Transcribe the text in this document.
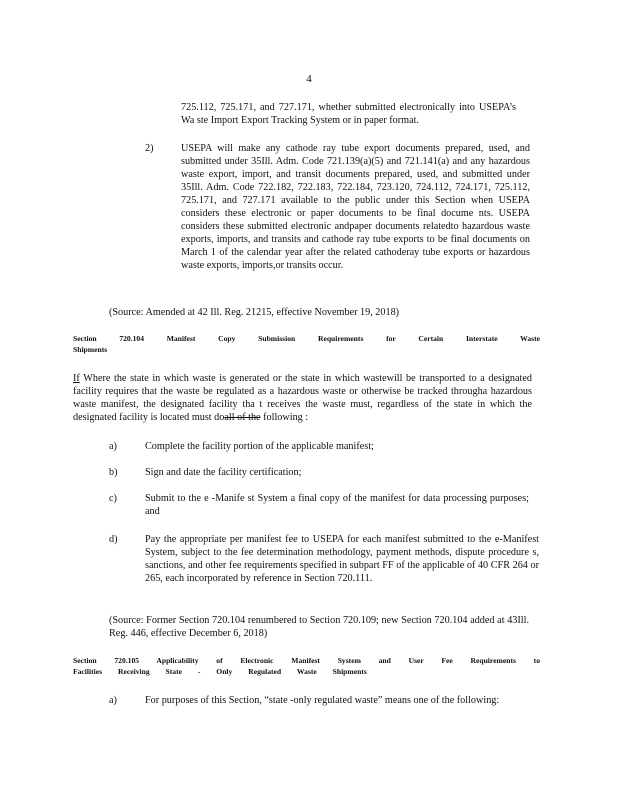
4

725.112, 725.171, and 727.171, whether submitted electronically into USEPA’s Wa ste Import Export Tracking System or in paper format.

2)	USEPA will make any cathode ray tube export documents prepared, used, and submitted under 35Ill. Adm. Code 721.139(a)(5) and 721.141(a) and any hazardous waste export, import, and transit documents prepared, used, and submitted under 35Ill. Adm. Code 722.182, 722.183, 722.184, 723.120, 724.112, 724.171, 725.112, 725.171, and 727.171 available to the public under this Section when USEPA considers these electronic or paper documents to be final docume nts. USEPA considers these submitted electronic andpaper documents relatedto hazardous waste exports, imports, and transits and cathode ray tube exports to be final documents on March 1 of the calendar year after the related cathoderay tube exports or hazardous waste exports, imports,or transits occur.

(Source: Amended at 42 Ill. Reg. 21215, effective November 19, 2018)
Section 720.104 Manifest Copy Submission Requirements for Certain Interstate Waste
Shipments

If Where the state in which waste is generated or the state in which wastewill be transported to a designated facility requires that the waste be regulated as a hazardous waste or otherwise be tracked througha hazardous waste manifest, the designated facility tha t receives the waste must, regardless of the state in which the designated facility is located must doall of the following :

a)	Complete the facility portion of the applicable manifest;
b)	Sign and date the facility certification;
c)	Submit to the e -Manife st System a final copy of the manifest for data processing purposes; and
d)	Pay the appropriate per manifest fee to USEPA for each manifest submitted to the e-Manifest System, subject to the fee determination methodology, payment methods, dispute procedure s, sanctions, and other fee requirements specified in subpart FF of the applicable of 40 CFR 264 or 265, each incorporated by reference in Section 720.111.
(Source: Former Section 720.104 renumbered to Section 720.109; new Section 720.104 added at 43Ill. Reg. 446, effective December 6, 2018)
Section 720.105 Applicability of Electronic Manifest System and User Fee Requirements to
Facilities Receiving State - Only Regulated Waste Shipments
a)	For purposes of this Section, “state -only regulated waste” means one of the following:
